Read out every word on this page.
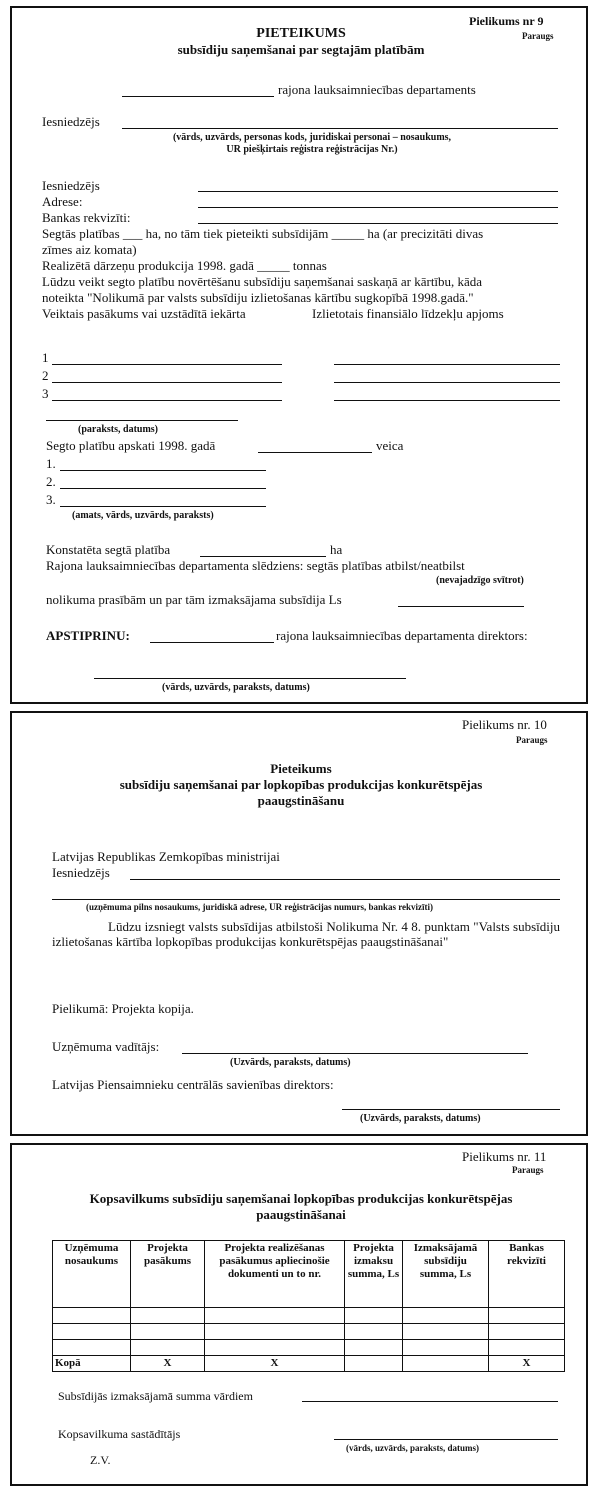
Pielikums nr 9
Paraugs
PIETEIKUMS
subsīdiju saņemšanai par segtajām platībām
rajona lauksaimniecības departaments
Iesniedzējs
(vārds, uzvārds, personas kods, juridiskai personai – nosaukums,
UR piešķirtais reģistra reģistrācijas Nr.)
Iesniedzējs
Adrese:
Bankas rekvizīti:
Segtās platības ___ ha, no tām tiek pieteikti subsīdijām _____ ha (ar precizitāti divas
zīmes aiz komata)
Realizētā dārzeņu produkcija 1998. gadā _____ tonnas
Lūdzu veikt segto platību novērtēšanu subsīdiju saņemšanai saskaņā ar kārtību, kāda
noteikta "Nolikumā par valsts subsīdiju izlietošanas kārtību sugkopībā 1998.gadā."
Veiktais pasākums vai uzstādītā iekārta	Izlietotais finansiālo līdzekļu apjoms
1
2
3
(paraksts, datums)
Segto platību apskati 1998. gadā	veica
1.
2.
3.
(amats, vārds, uzvārds, paraksts)
Konstatēta segtā platība	ha
Rajona lauksaimniecības departamenta slēdziens: segtās platības atbilst/neatbilst
(nevajadzīgo svītrot)
nolikuma prasībām un par tām izmaksājama subsīdija Ls
APSTIPRINU:	rajona lauksaimniecības departamenta direktors:
(vārds, uzvārds, paraksts, datums)
Pielikums nr. 10
Paraugs
Pieteikums
subsīdiju saņemšanai par lopkopības produkcijas konkurētspējas
paaugstināšanu
Latvijas Republikas Zemkopības ministrijai
Iesniedzējs
(uzņēmuma pilns nosaukums, juridiskā adrese, UR reģistrācijas numurs, bankas rekvizīti)
Lūdzu izsniegt valsts subsīdijas atbilstoši Nolikuma Nr. 4 8. punktam "Valsts subsīdiju izlietošanas kārtība lopkopības produkcijas konkurētspējas paaugstināšanai"
Pielikumā: Projekta kopija.
Uzņēmuma vadītājs:
(Uzvārds, paraksts, datums)
Latvijas Piensaimnieku centrālās savienības direktors:
(Uzvārds, paraksts, datums)
Pielikums nr. 11
Paraugs
Kopsavilkums subsīdiju saņemšanai lopkopības produkcijas konkurētspējas
paaugstināšanai
Uzņēmuma nosaukums	Projekta pasākums	Projekta realizēšanas pasākumus apliecinošie dokumenti un to nr.	Projekta izmaksu summa, Ls	Izmaksājamā subsīdiju summa, Ls	Bankas rekvizīti

Kopā	X	X			X
Subsīdijās izmaksājamā summa vārdiem
Kopsavilkuma sastādītājs
(vārds, uzvārds, paraksts, datums)
Z.V.
